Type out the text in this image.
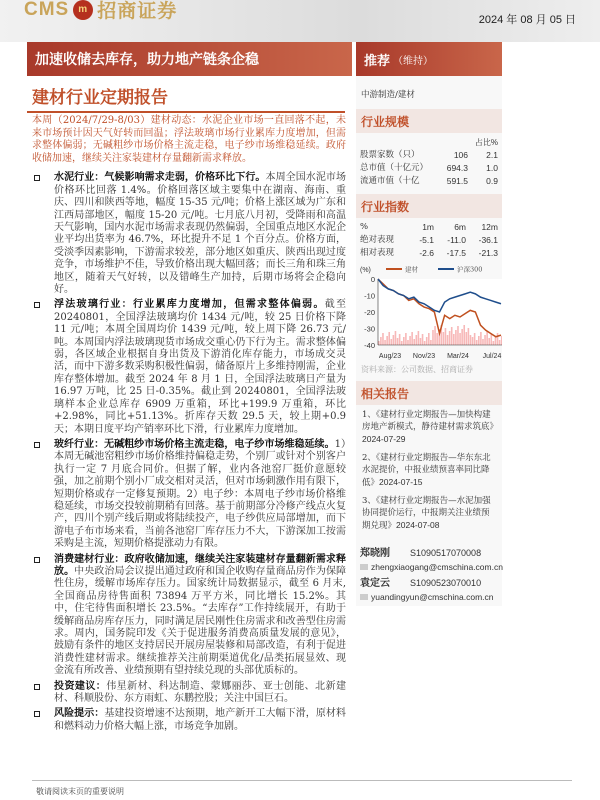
CMS m 招商证券	2024 年 08 月 05 日
加速收储去库存，助力地产链条企稳	推荐 （维持）
建材行业定期报告
本周（2024/7/29-8/03）建材动态：水泥企业市场一直回落不起，未来市场预计因天气好转而回温；浮法玻璃市场行业累库力度增加，但需求整体偏弱；无碱粗纱市场价格主流走稳，电子纱市场维稳延续。政府收储加速，继续关注家装建材存量翻新需求释放。
水泥行业：气候影响需求走弱，价格环比下行。本周全国水泥市场价格环比回落 1.4%。价格回落区域主要集中在湖南、海南、重庆、四川和陕西等地，幅度 15-35 元/吨；价格上涨区域为广东和江西局部地区，幅度 15-20 元/吨。七月底八月初，受降雨和高温天气影响，国内水泥市场需求表现仍然偏弱，全国重点地区水泥企业平均出货率为 46.7%，环比提升不足 1 个百分点。价格方面，受淡季因素影响，下游需求较差，部分地区如重庆、陕西出现过度竞争，市场维护不佳，导致价格出现大幅回落；而长三角和珠三角地区，随着天气好转，以及错峰生产加持，后期市场将会企稳向好。
浮法玻璃行业：行业累库力度增加，但需求整体偏弱。截至 20240801，全国浮法玻璃均价 1434 元/吨，较 25 日价格下降 11 元/吨；本周全国周均价 1439 元/吨，较上周下降 26.73 元/吨。本周国内浮法玻璃现货市场成交重心仍下行为主。需求整体偏弱，各区域企业根据自身出货及下游消化库存能力，市场成交灵活，而中下游多数采购积极性偏弱，储备原片上多维持刚需，企业库存整体增加。截至 2024 年 8 月 1 日，全国浮法玻璃日产量为 16.97 万吨，比 25 日-0.35%。截止到 20240801，全国浮法玻璃样本企业总库存 6909 万重箱，环比+199.9 万重箱，环比+2.98%，同比+51.13%。折库存天数 29.5 天，较上期+0.9 天；本期日度平均产销率环比下滑，行业累库力度增加。
玻纤行业：无碱粗纱市场价格主流走稳，电子纱市场维稳延续。1）本周无碱池窑粗纱市场价格维持偏稳走势，个别厂或针对个别客户执行一定 7 月底合同价。但据了解，业内各池窑厂挺价意愿较强，加之前期个别小厂成交相对灵活，但对市场刺激作用有限下，短期价格或存一定修复预期。2）电子纱：本周电子纱市场价格维稳延续，市场交投较前期稍有回落。基于前期部分冷修产线点火复产，四川个别产线后期或将陆续投产，电子纱供应局部增加，而下游电子布市场来看，当前各池窑厂库存压力不大，下游深加工按需采购是主流，短期价格提涨动力有限。
消费建材行业：政府收储加速，继续关注家装建材存量翻新需求释放。中央政治局会议提出通过政府和国企收购存量商品房作为保障性住房，缓解市场库存压力。国家统计局数据显示，截至 6 月末,全国商品房待售面积 73894 万平方米，同比增长 15.2%。其中，住宅待售面积增长 23.5%。“去库存”工作持续展开，有助于缓解商品房库存压力，同时满足居民刚性住房需求和改善型住房需求。周内，国务院印发《关于促进服务消费高质量发展的意见》，鼓励有条件的地区支持居民开展房屋装修和局部改造，有利于促进消费性建材需求。继续推荐关注前期渠道优化/品类拓展显效、现金流有所改善、业绩预期有望持续兑现的头部优质标的。
投资建议：伟星新材、科达制造、蒙娜丽莎、亚士创能、北新建材、科顺股份、东方雨虹、东鹏控股；关注中国巨石。
风险提示：基建投资增速不达预期，地产新开工大幅下滑，原材料和燃料动力价格大幅上涨，市场竞争加剧。
中游制造/建材
行业规模
占比%
股票家数（只）	106	2.1
总市值（十亿元）	694.3	1.0
流通市值（十亿	591.5	0.9
行业指数
%	1m	6m	12m
绝对表现	-5.1	-11.0	-36.1
相对表现	-2.6	-17.5	-21.3
(%)
0
-10
-20
-30
-40
Aug/23 Nov/23 Mar/24 Jul/24
建材	沪深300
资料来源：公司数据、招商证券
相关报告
1、《建材行业定期报告—加快构建房地产新模式，静待建材需求筑底》2024-07-29
2、《建材行业定期报告—华东东北水泥提价，中报业绩预喜率同比降低》2024-07-15
3、《建材行业定期报告—水泥加强协同提价运行，中报期关注业绩预期兑现》2024-07-08
郑晓刚 S1090517070008
zhengxiaogang@cmschina.com.cn
袁定云 S1090523070010
yuandingyun@cmschina.com.cn
敬请阅读末页的重要说明
